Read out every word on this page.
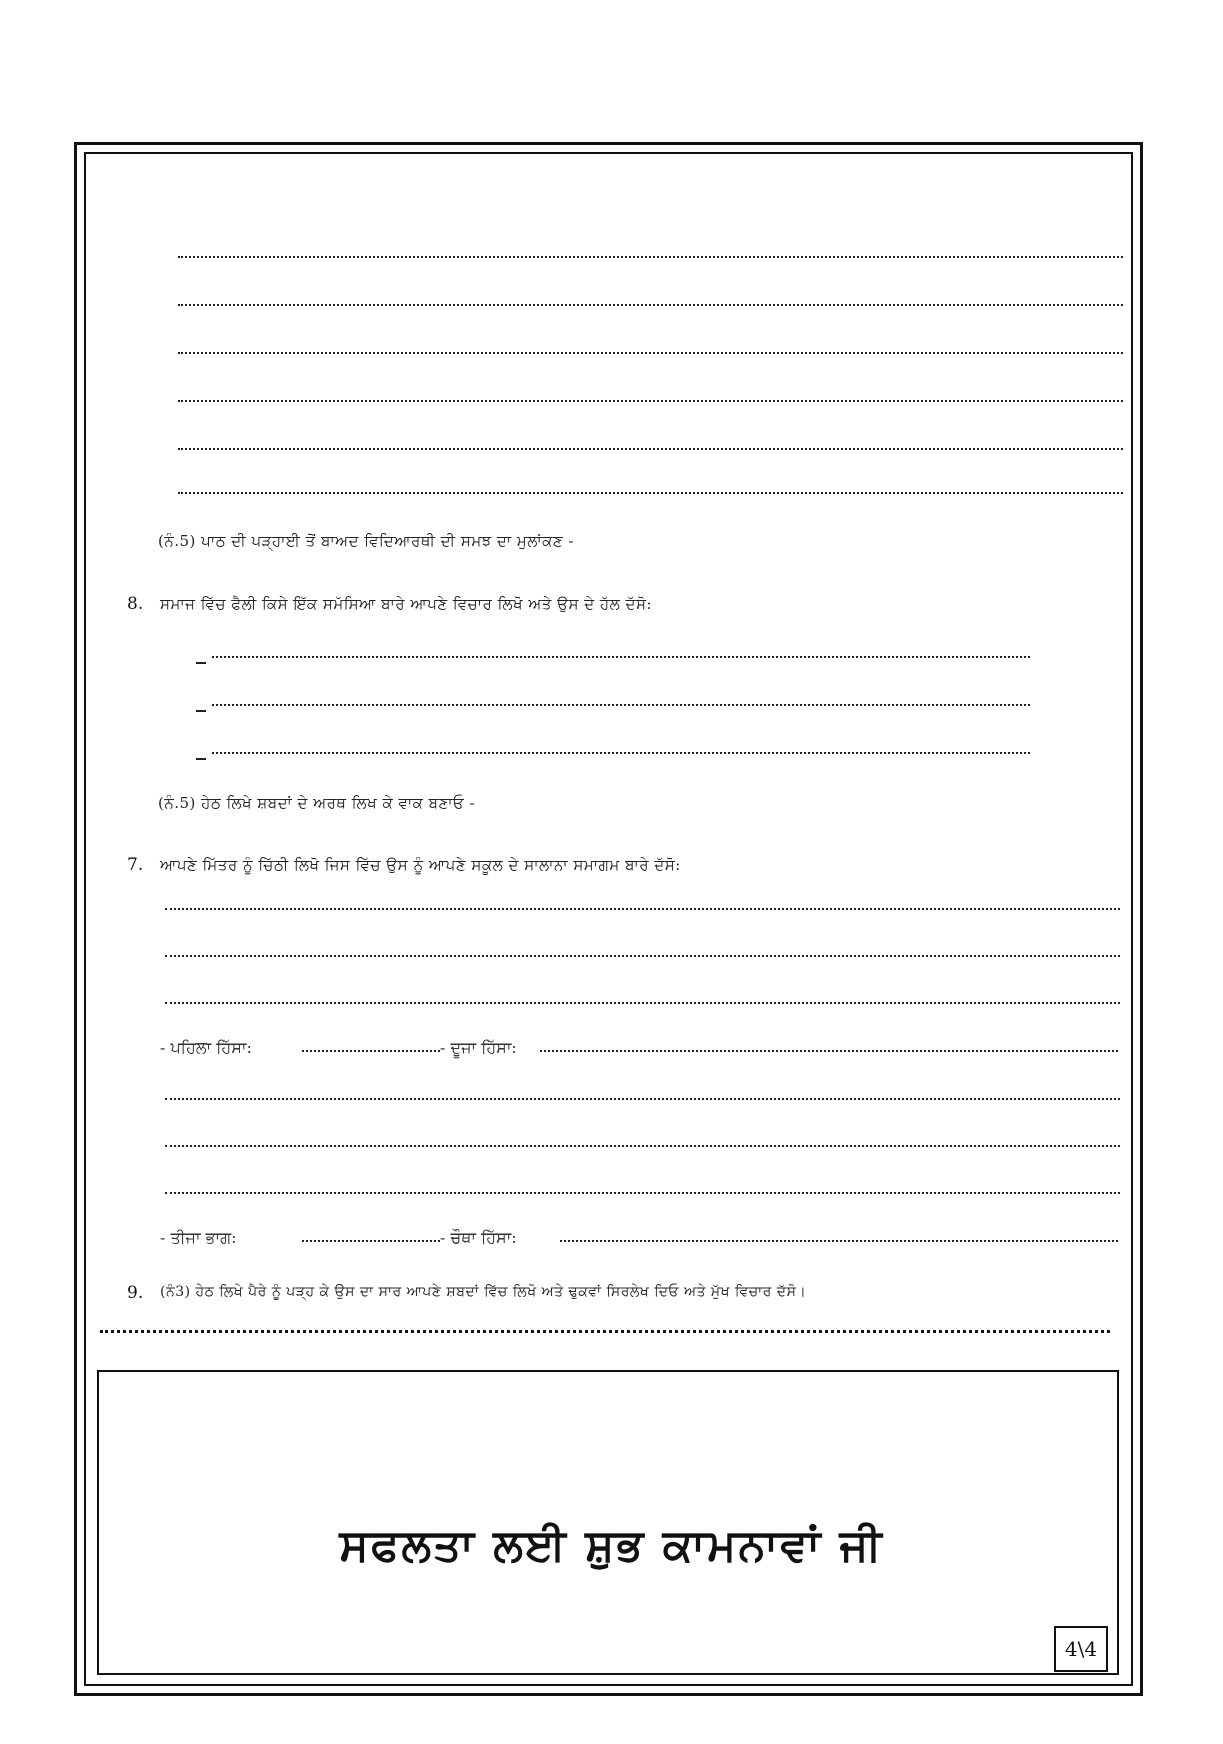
(ਨੰ.5) ਪਾਠ ਦੀ ਪੜ੍ਹਾਈ ਤੋਂ ਬਾਅਦ ਵਿਦਿਆਰਥੀ ਦੀ ਸਮਝ ਦਾ ਮੁਲਾਂਕਣ -
8. ਸਮਾਜ ਵਿੱਚ ਫੈਲੀ ਕਿਸੇ ਇੱਕ ਸਮੱਸਿਆ ਬਾਰੇ ਆਪਣੇ ਵਿਚਾਰ ਲਿਖੋ ਅਤੇ ਉਸ ਦੇ ਹੱਲ ਦੱਸੋ:
(ਨੰ.5) ਹੇਠ ਲਿਖੇ ਸ਼ਬਦਾਂ ਦੇ ਅਰਥ ਲਿਖ ਕੇ ਵਾਕ ਬਣਾਓ -
7. ਆਪਣੇ ਮਿੱਤਰ ਨੂੰ ਚਿੱਠੀ ਲਿਖੋ ਜਿਸ ਵਿੱਚ ਉਸ ਨੂੰ ਆਪਣੇ ਸਕੂਲ ਦੇ ਸਾਲਾਨਾ ਸਮਾਗਮ ਬਾਰੇ ਦੱਸੋ:
- ਪਹਿਲਾ ਹਿੱਸਾ:	- ਦੂਜਾ ਹਿੱਸਾ:
- ਤੀਜਾ ਭਾਗ:	- ਚੌਥਾ ਹਿੱਸਾ:
9. (ਨੰ3) ਹੇਠ ਲਿਖੇ ਪੈਰੇ ਨੂੰ ਪੜ੍ਹ ਕੇ ਉਸ ਦਾ ਸਾਰ ਆਪਣੇ ਸ਼ਬਦਾਂ ਵਿੱਚ ਲਿਖੋ ਅਤੇ ਢੁਕਵਾਂ ਸਿਰਲੇਖ ਦਿਓ ਅਤੇ ਮੁੱਖ ਵਿਚਾਰ ਦੱਸੋ।
ਸਫਲਤਾ ਲਈ ਸ਼ੁਭ ਕਾਮਨਾਵਾਂ ਜੀ
4\4
